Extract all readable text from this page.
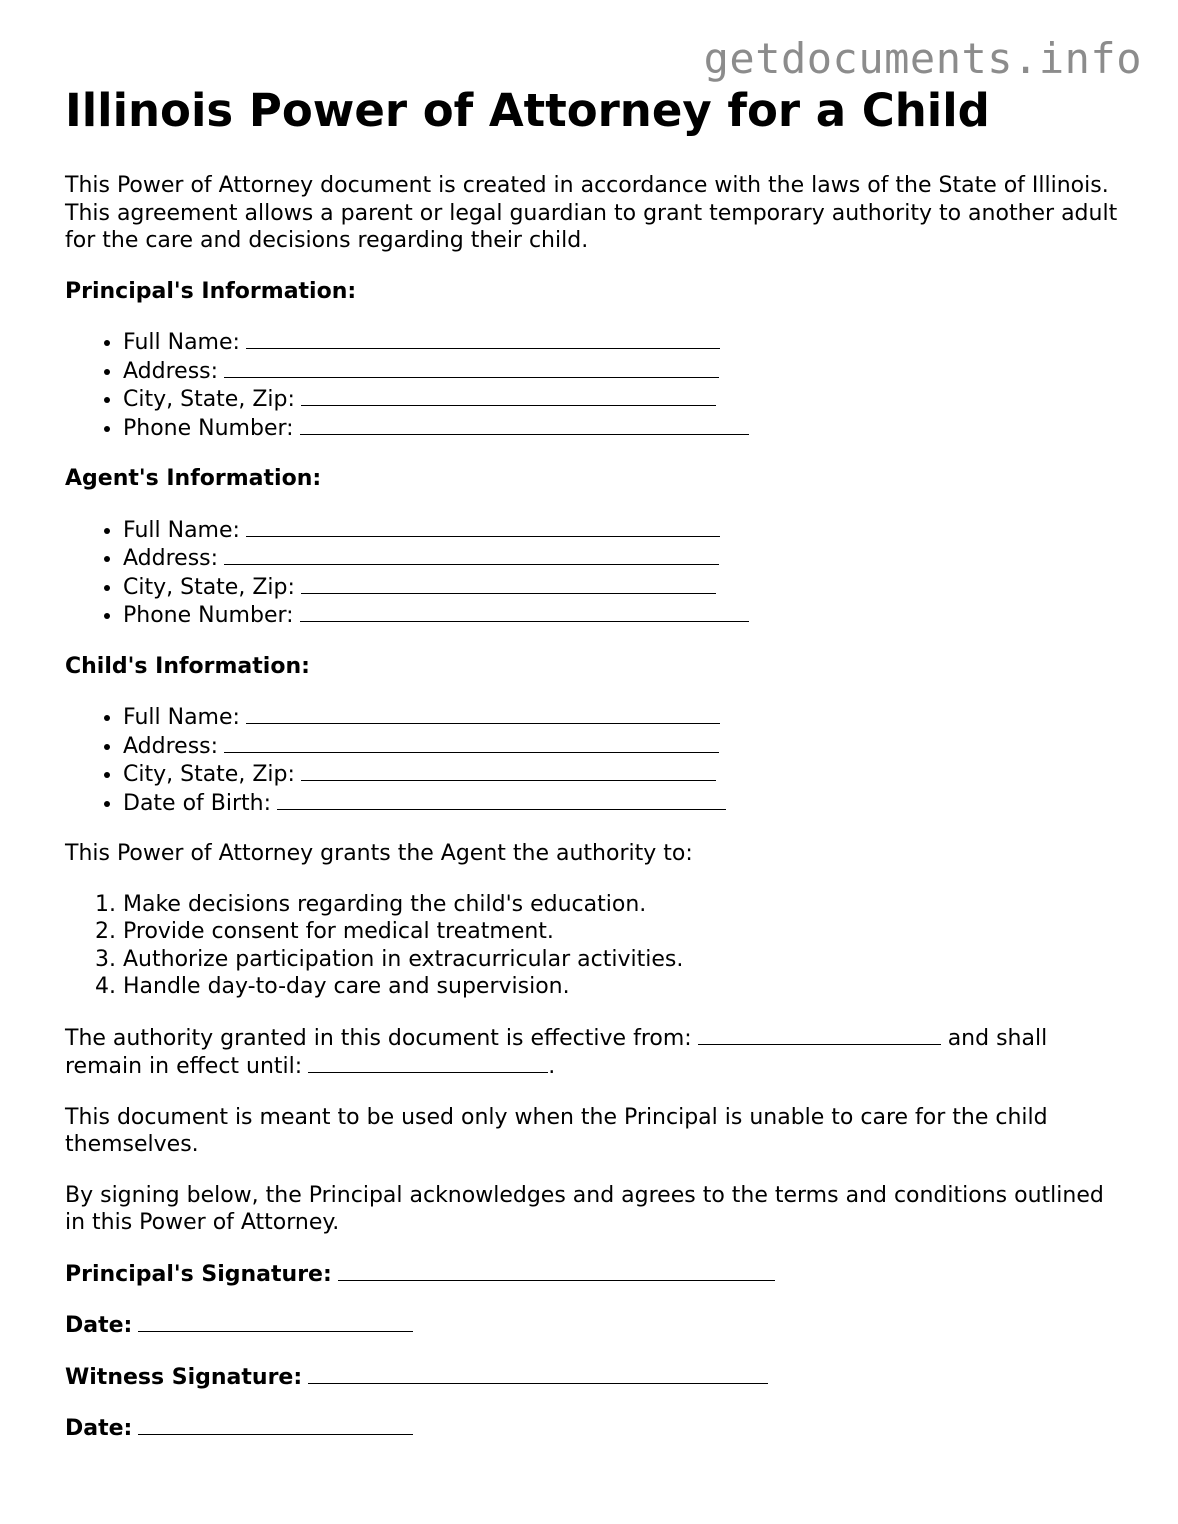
getdocuments.info
Illinois Power of Attorney for a Child

This Power of Attorney document is created in accordance with the laws of the State of Illinois. This agreement allows a parent or legal guardian to grant temporary authority to another adult for the care and decisions regarding their child.

Principal's Information:

• Full Name:
• Address:
• City, State, Zip:
• Phone Number:

Agent's Information:

• Full Name:
• Address:
• City, State, Zip:
• Phone Number:

Child's Information:

• Full Name:
• Address:
• City, State, Zip:
• Date of Birth:

This Power of Attorney grants the Agent the authority to:

1. Make decisions regarding the child's education.
2. Provide consent for medical treatment.
3. Authorize participation in extracurricular activities.
4. Handle day-to-day care and supervision.

The authority granted in this document is effective from:	and shall remain in effect until:	.

This document is meant to be used only when the Principal is unable to care for the child themselves.

By signing below, the Principal acknowledges and agrees to the terms and conditions outlined in this Power of Attorney.

Principal's Signature:

Date:

Witness Signature:

Date:
